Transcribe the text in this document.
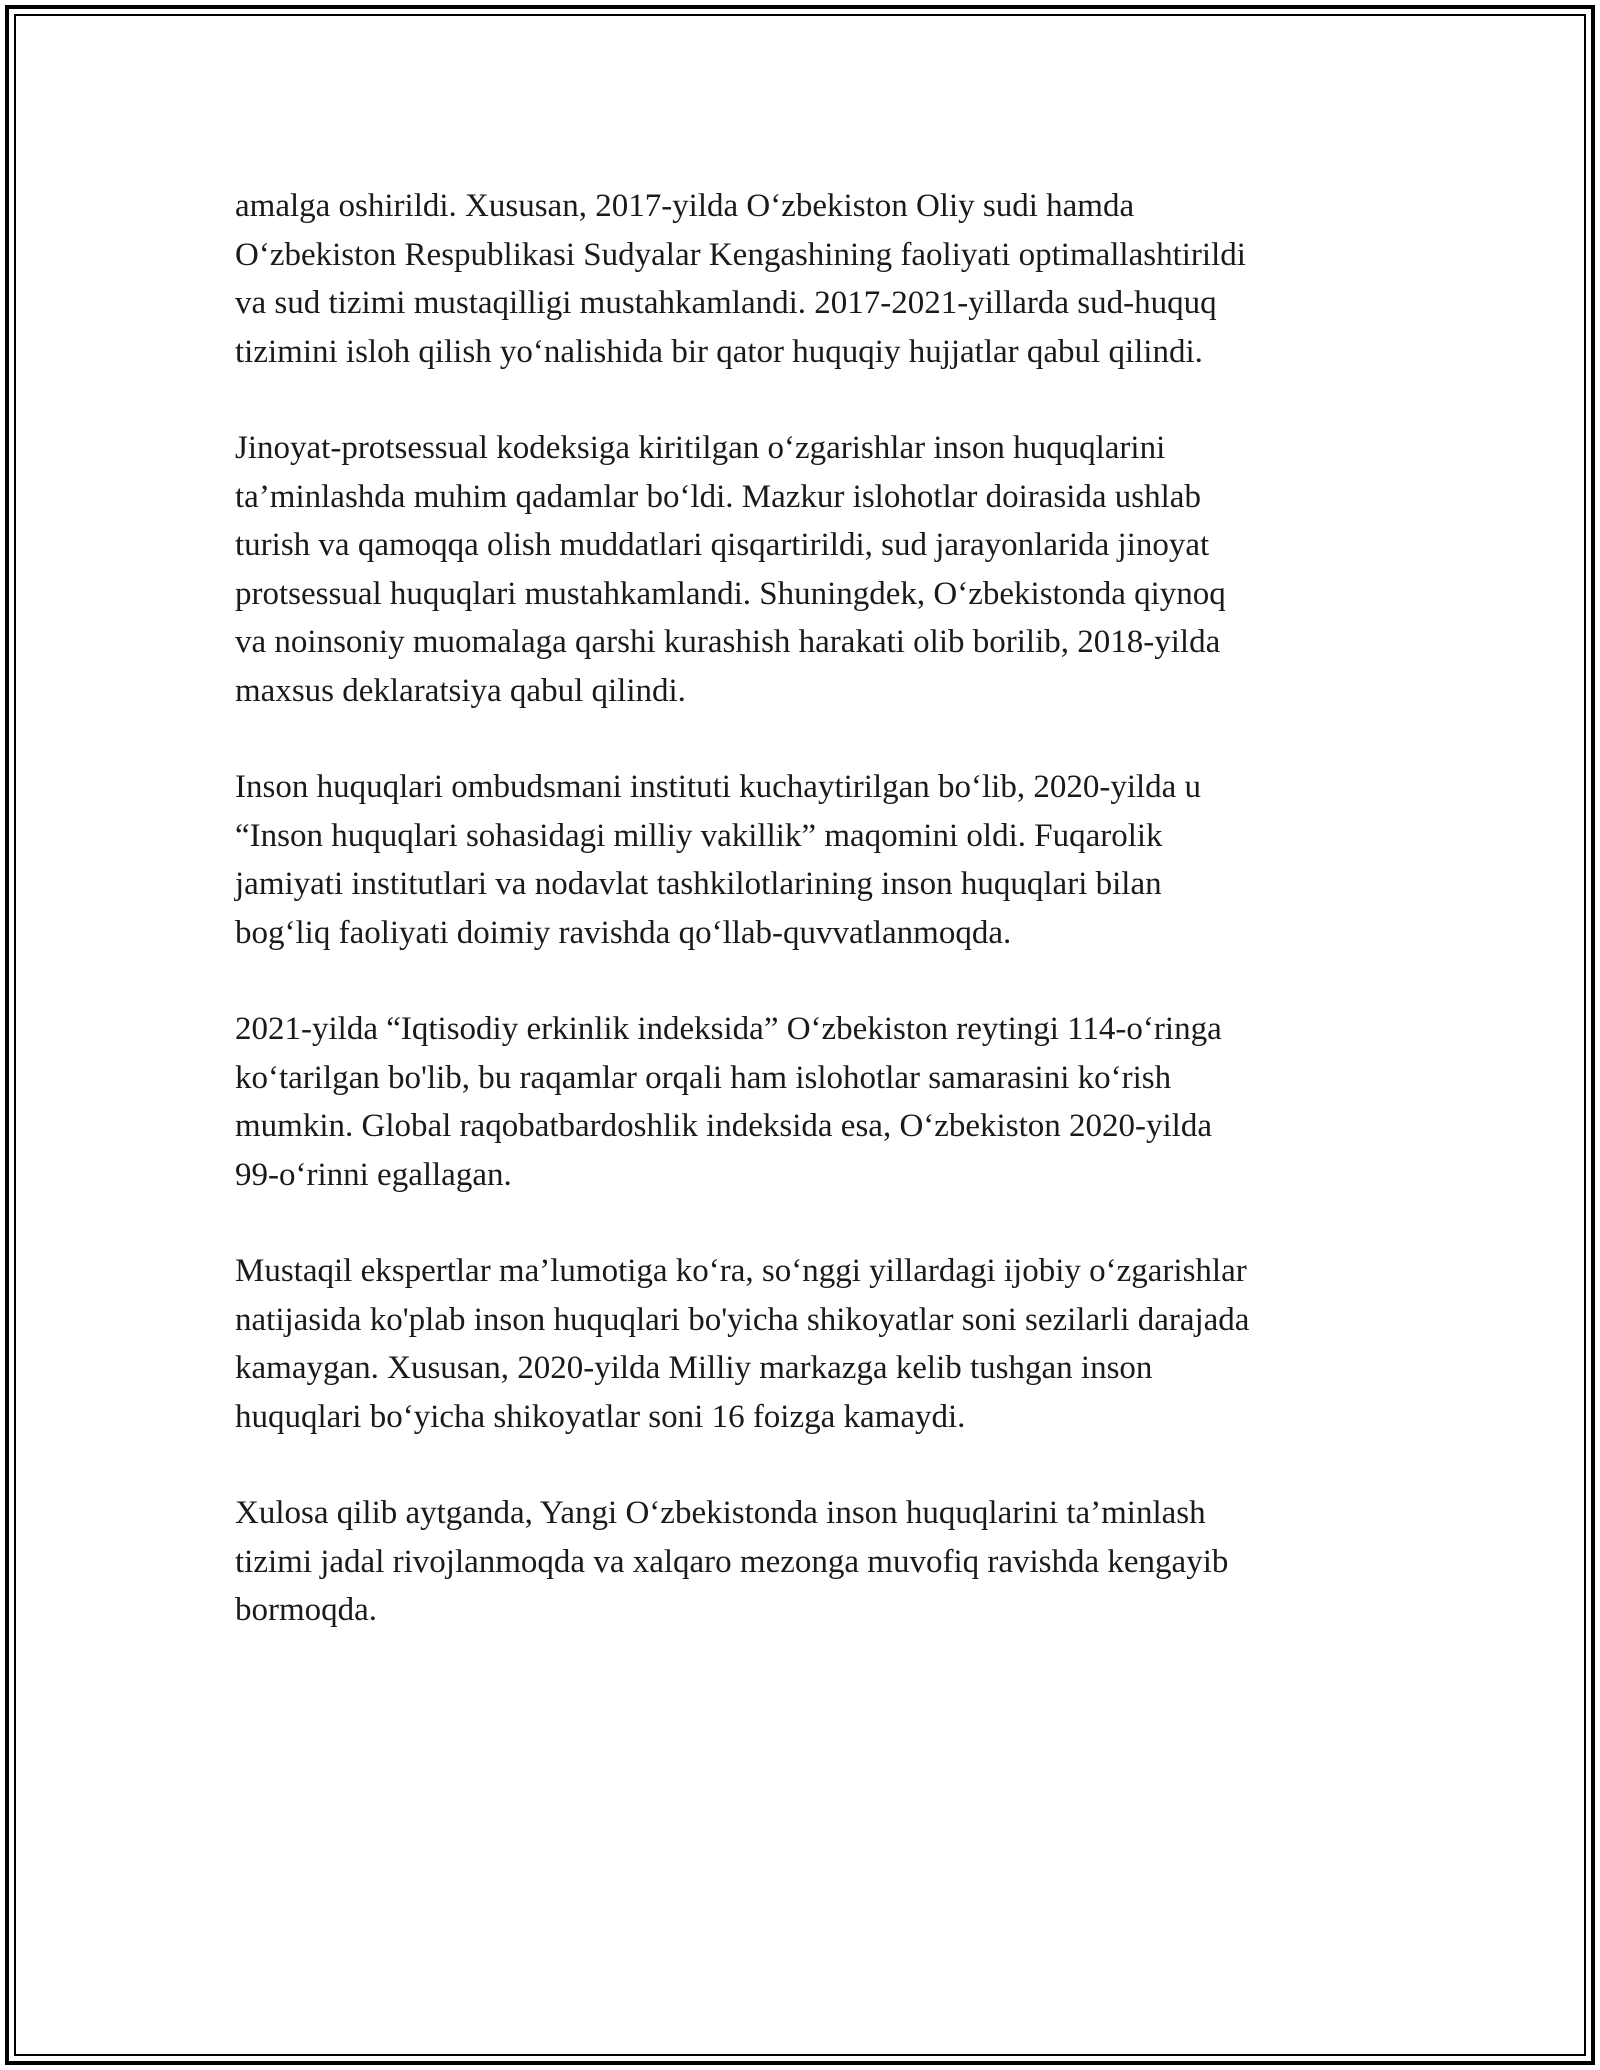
amalga oshirildi. Xususan, 2017-yilda O‘zbekiston Oliy sudi hamda
O‘zbekiston Respublikasi Sudyalar Kengashining faoliyati optimallashtirildi
va sud tizimi mustaqilligi mustahkamlandi. 2017-2021-yillarda sud-huquq
tizimini isloh qilish yo‘nalishida bir qator huquqiy hujjatlar qabul qilindi.

Jinoyat-protsessual kodeksiga kiritilgan o‘zgarishlar inson huquqlarini
ta’minlashda muhim qadamlar bo‘ldi. Mazkur islohotlar doirasida ushlab
turish va qamoqqa olish muddatlari qisqartirildi, sud jarayonlarida jinoyat
protsessual huquqlari mustahkamlandi. Shuningdek, O‘zbekistonda qiynoq
va noinsoniy muomalaga qarshi kurashish harakati olib borilib, 2018-yilda
maxsus deklaratsiya qabul qilindi.

Inson huquqlari ombudsmani instituti kuchaytirilgan bo‘lib, 2020-yilda u
“Inson huquqlari sohasidagi milliy vakillik” maqomini oldi. Fuqarolik
jamiyati institutlari va nodavlat tashkilotlarining inson huquqlari bilan
bog‘liq faoliyati doimiy ravishda qo‘llab-quvvatlanmoqda.

2021-yilda “Iqtisodiy erkinlik indeksida” O‘zbekiston reytingi 114-o‘ringa
ko‘tarilgan bo'lib, bu raqamlar orqali ham islohotlar samarasini ko‘rish
mumkin. Global raqobatbardoshlik indeksida esa, O‘zbekiston 2020-yilda
99-o‘rinni egallagan.

Mustaqil ekspertlar ma’lumotiga ko‘ra, so‘nggi yillardagi ijobiy o‘zgarishlar
natijasida ko'plab inson huquqlari bo'yicha shikoyatlar soni sezilarli darajada
kamaygan. Xususan, 2020-yilda Milliy markazga kelib tushgan inson
huquqlari bo‘yicha shikoyatlar soni 16 foizga kamaydi.

Xulosa qilib aytganda, Yangi O‘zbekistonda inson huquqlarini ta’minlash
tizimi jadal rivojlanmoqda va xalqaro mezonga muvofiq ravishda kengayib
bormoqda.
